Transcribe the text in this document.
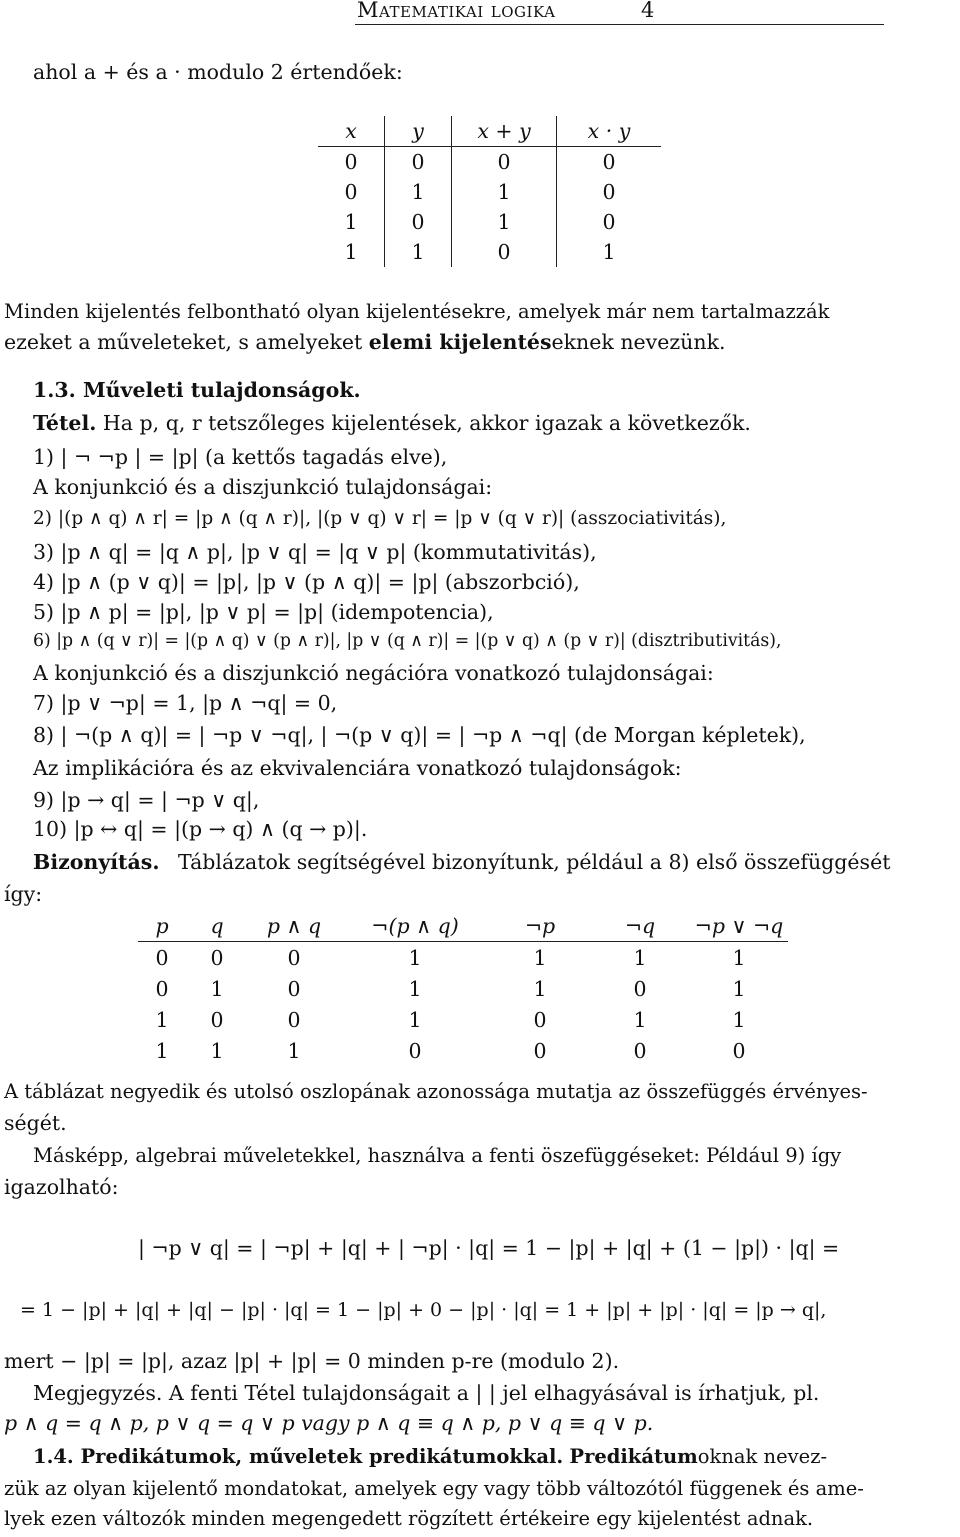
Matematikai logika	4
ahol a + és a · modulo 2 értendőek:
x	y	x + y	x · y
0	0	0	0
0	1	1	0
1	0	1	0
1	1	0	1
Minden kijelentés felbontható olyan kijelentésekre, amelyek már nem tartalmazzák
ezeket a műveleteket, s amelyeket elemi kijelentéseknek nevezünk.
1.3. Műveleti tulajdonságok.
Tétel. Ha p, q, r tetszőleges kijelentések, akkor igazak a következők.
1) | ¬ ¬p | = |p| (a kettős tagadás elve),
A konjunkció és a diszjunkció tulajdonságai:
2) |(p ∧ q) ∧ r| = |p ∧ (q ∧ r)|, |(p ∨ q) ∨ r| = |p ∨ (q ∨ r)| (asszociativitás),
3) |p ∧ q| = |q ∧ p|, |p ∨ q| = |q ∨ p| (kommutativitás),
4) |p ∧ (p ∨ q)| = |p|, |p ∨ (p ∧ q)| = |p| (abszorbció),
5) |p ∧ p| = |p|, |p ∨ p| = |p| (idempotencia),
6) |p ∧ (q ∨ r)| = |(p ∧ q) ∨ (p ∧ r)|, |p ∨ (q ∧ r)| = |(p ∨ q) ∧ (p ∨ r)| (disztributivitás),
A konjunkció és a diszjunkció negációra vonatkozó tulajdonságai:
7) |p ∨ ¬p| = 1, |p ∧ ¬q| = 0,
8) | ¬(p ∧ q)| = | ¬p ∨ ¬q|, | ¬(p ∨ q)| = | ¬p ∧ ¬q| (de Morgan képletek),
Az implikációra és az ekvivalenciára vonatkozó tulajdonságok:
9) |p → q| = | ¬p ∨ q|,
10) |p ↔ q| = |(p → q) ∧ (q → p)|.
Bizonyítás. Táblázatok segítségével bizonyítunk, például a 8) első összefüggését
így:
p	q	p ∧ q	¬(p ∧ q)	¬p	¬q	¬p ∨ ¬q
0	0	0	1	1	1	1
0	1	0	1	1	0	1
1	0	0	1	0	1	1
1	1	1	0	0	0	0
A táblázat negyedik és utolsó oszlopának azonossága mutatja az összefüggés érvényes-
ségét.
Másképp, algebrai műveletekkel, használva a fenti öszefüggéseket: Például 9) így
igazolható:
| ¬p ∨ q| = | ¬p| + |q| + | ¬p| · |q| = 1 − |p| + |q| + (1 − |p|) · |q| =
= 1 − |p| + |q| + |q| − |p| · |q| = 1 − |p| + 0 − |p| · |q| = 1 + |p| + |p| · |q| = |p → q|,
mert − |p| = |p|, azaz |p| + |p| = 0 minden p-re (modulo 2).
Megjegyzés. A fenti Tétel tulajdonságait a | | jel elhagyásával is írhatjuk, pl.
p ∧ q = q ∧ p, p ∨ q = q ∨ p vagy p ∧ q ≡ q ∧ p, p ∨ q ≡ q ∨ p.
1.4. Predikátumok, műveletek predikátumokkal. Predikátumoknak nevez-
zük az olyan kijelentő mondatokat, amelyek egy vagy több változótól függenek és ame-
lyek ezen változók minden megengedett rögzített értékeire egy kijelentést adnak.
